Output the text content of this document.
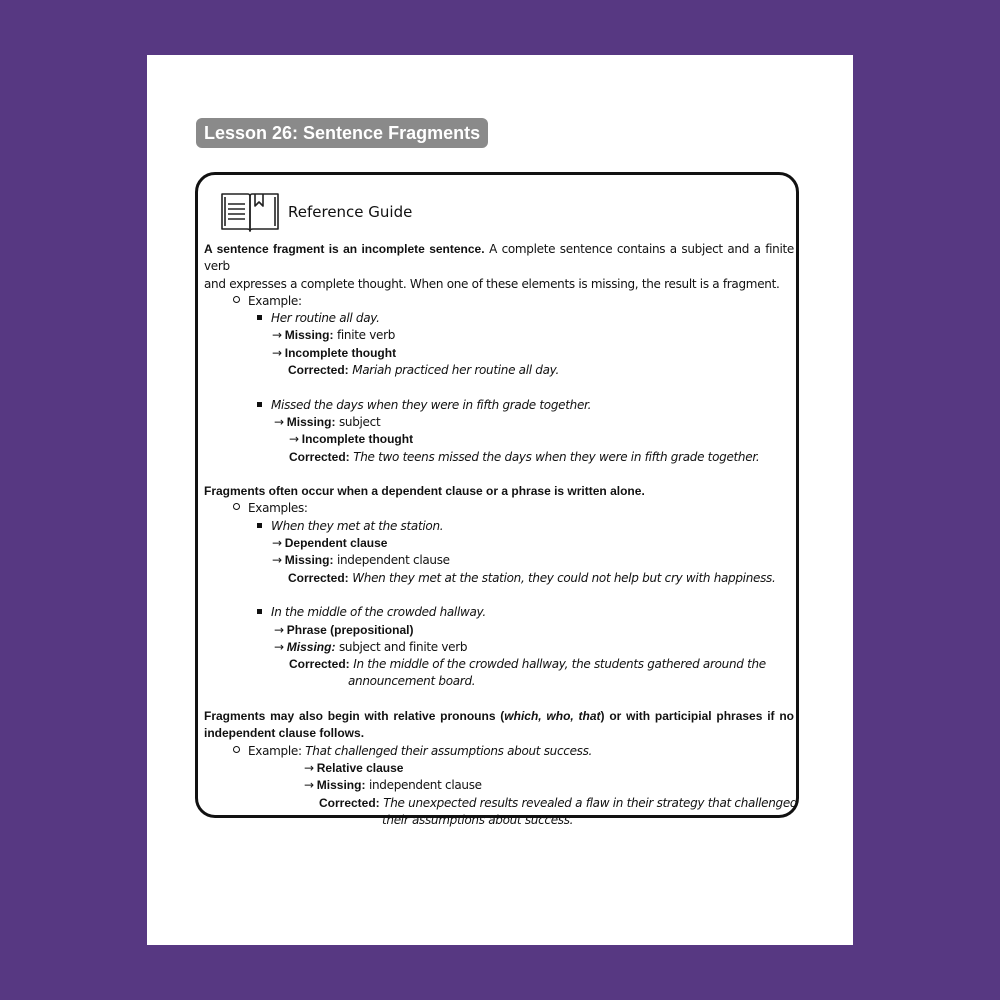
Lesson 26: Sentence Fragments
Reference Guide

A sentence fragment is an incomplete sentence. A complete sentence contains a subject and a finite verb

and expresses a complete thought. When one of these elements is missing, the result is a fragment.

Example:

Her routine all day.

→ Missing: finite verb

→ Incomplete thought

Corrected: Mariah practiced her routine all day.

Missed the days when they were in fifth grade together.

→ Missing: subject

→ Incomplete thought

Corrected: The two teens missed the days when they were in fifth grade together.

Fragments often occur when a dependent clause or a phrase is written alone.

Examples:

When they met at the station.

→ Dependent clause

→ Missing: independent clause

Corrected: When they met at the station, they could not help but cry with happiness.

In the middle of the crowded hallway.

→ Phrase (prepositional)

→ Missing: subject and finite verb

Corrected: In the middle of the crowded hallway, the students gathered around the

announcement board.

Fragments may also begin with relative pronouns (which, who, that) or with participial phrases if no

independent clause follows.

Example: That challenged their assumptions about success.

→ Relative clause

→ Missing: independent clause

Corrected: The unexpected results revealed a flaw in their strategy that challenged

their assumptions about success.
